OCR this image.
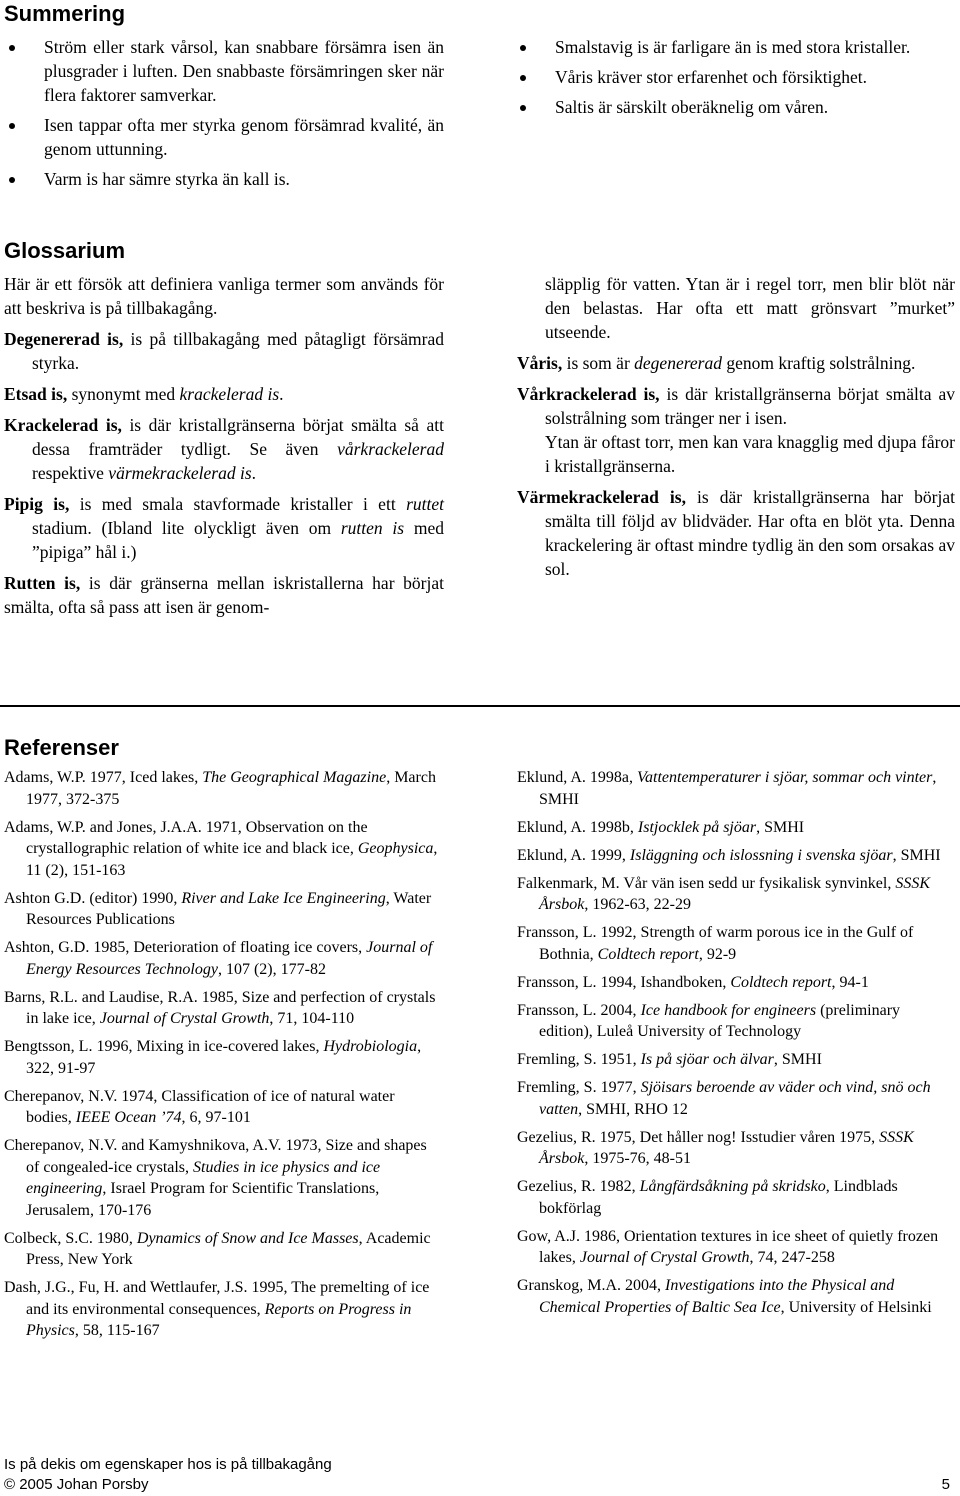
Summering
Ström eller stark vårsol, kan snabbare försämra isen än plusgrader i luften. Den snabbaste försämringen sker när flera faktorer samverkar.
Isen tappar ofta mer styrka genom försämrad kvalité, än genom uttunning.
Varm is har sämre styrka än kall is.
Smalstavig is är farligare än is med stora kristaller.
Våris kräver stor erfarenhet och försiktighet.
Saltis är särskilt oberäknelig om våren.
Glossarium

Här är ett försök att definiera vanliga termer som används för att beskriva is på tillbakagång.

Degenererad is, is på tillbakagång med påtagligt försämrad styrka.

Etsad is, synonymt med krackelerad is.

Krackelerad is, is där kristallgränserna börjat smälta så att dessa framträder tydligt. Se även vårkrackelerad respektive värmekrackelerad is.

Pipig is, is med smala stavformade kristaller i ett ruttet stadium. (Ibland lite olyckligt även om rutten is med ”pipiga” hål i.)

Rutten is, is där gränserna mellan iskristallerna har börjat smälta, ofta så pass att isen är genom-

släpplig för vatten. Ytan är i regel torr, men blir blöt när den belastas. Har ofta ett matt grönsvart ”murket” utseende.

Våris, is som är degenererad genom kraftig solstrålning.

Vårkrackelerad is, is där kristallgränserna börjat smälta av solstrålning som tränger ner i isen.

Ytan är oftast torr, men kan vara knagglig med djupa fåror i kristallgränserna.

Värmekrackelerad is, is där kristallgränserna har börjat smälta till följd av blidväder. Har ofta en blöt yta. Denna krackelering är oftast mindre tydlig än den som orsakas av sol.

Referenser

Adams, W.P. 1977, Iced lakes, The Geographical Magazine, March 1977, 372-375

Adams, W.P. and Jones, J.A.A. 1971, Observation on the crystallographic relation of white ice and black ice, Geophysica, 11 (2), 151-163

Ashton G.D. (editor) 1990, River and Lake Ice Engineering, Water Resources Publications

Ashton, G.D. 1985, Deterioration of floating ice covers, Journal of Energy Resources Technology, 107 (2), 177-82

Barns, R.L. and Laudise, R.A. 1985, Size and perfection of crystals in lake ice, Journal of Crystal Growth, 71, 104-110

Bengtsson, L. 1996, Mixing in ice-covered lakes, Hydrobiologia, 322, 91-97

Cherepanov, N.V. 1974, Classification of ice of natural water bodies, IEEE Ocean ’74, 6, 97-101

Cherepanov, N.V. and Kamyshnikova, A.V. 1973, Size and shapes of congealed-ice crystals, Studies in ice physics and ice engineering, Israel Program for Scientific Translations, Jerusalem, 170-176

Colbeck, S.C. 1980, Dynamics of Snow and Ice Masses, Academic Press, New York

Dash, J.G., Fu, H. and Wettlaufer, J.S. 1995, The premelting of ice and its environmental consequences, Reports on Progress in Physics, 58, 115-167

Eklund, A. 1998a, Vattentemperaturer i sjöar, sommar och vinter, SMHI

Eklund, A. 1998b, Istjocklek på sjöar, SMHI

Eklund, A. 1999, Isläggning och islossning i svenska sjöar, SMHI

Falkenmark, M. Vår vän isen sedd ur fysikalisk synvinkel, SSSK Årsbok, 1962-63, 22-29

Fransson, L. 1992, Strength of warm porous ice in the Gulf of Bothnia, Coldtech report, 92-9

Fransson, L. 1994, Ishandboken, Coldtech report, 94-1

Fransson, L. 2004, Ice handbook for engineers (preliminary edition), Luleå University of Technology

Fremling, S. 1951, Is på sjöar och älvar, SMHI

Fremling, S. 1977, Sjöisars beroende av väder och vind, snö och vatten, SMHI, RHO 12

Gezelius, R. 1975, Det håller nog! Isstudier våren 1975, SSSK Årsbok, 1975-76, 48-51

Gezelius, R. 1982, Långfärdsåkning på skridsko, Lindblads bokförlag

Gow, A.J. 1986, Orientation textures in ice sheet of quietly frozen lakes, Journal of Crystal Growth, 74, 247-258

Granskog, M.A. 2004, Investigations into the Physical and Chemical Properties of Baltic Sea Ice, University of Helsinki

Is på dekis om egenskaper hos is på tillbakagång
© 2005 Johan Porsby	5
